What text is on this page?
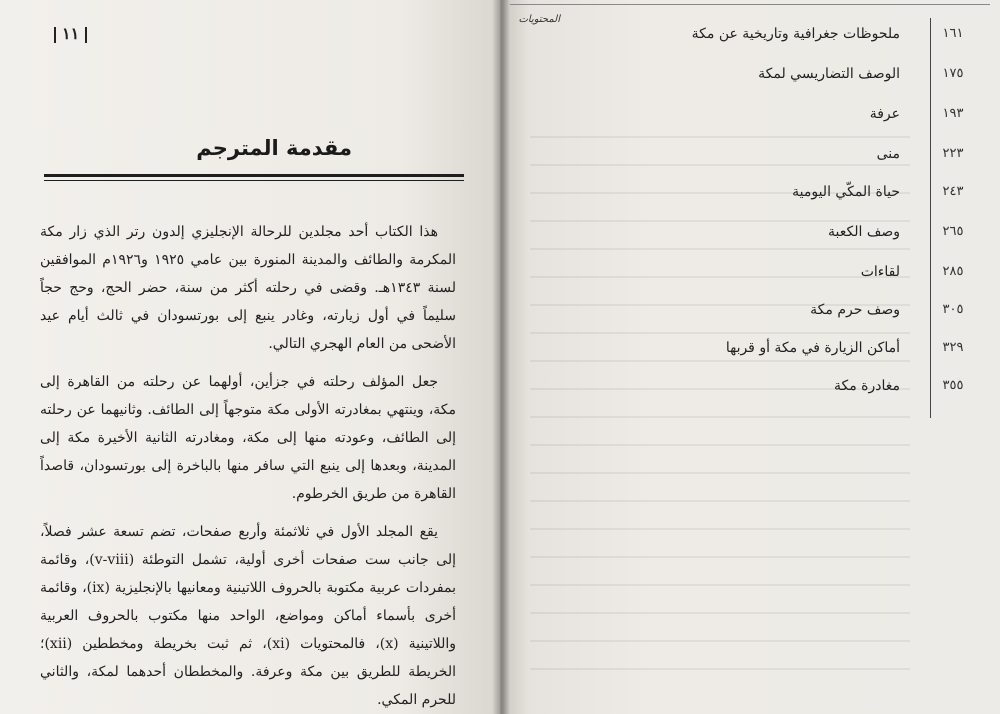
١١
مقدمة المترجم

هذا الكتاب أحد مجلدين للرحالة الإنجليزي إلدون رتر الذي زار مكة المكرمة والطائف والمدينة المنورة بين عامي ١٩٢٥ و١٩٢٦م الموافقين لسنة ١٣٤٣هـ. وقضى في رحلته أكثر من سنة، حضر الحج، وحج حجاً سليماً في أول زيارته، وغادر ينبع إلى بورتسودان في ثالث أيام عيد الأضحى من العام الهجري التالي.

جعل المؤلف رحلته في جزأين، أولهما عن رحلته من القاهرة إلى مكة، وينتهي بمغادرته الأولى مكة متوجهاً إلى الطائف. وثانيهما عن رحلته إلى الطائف، وعودته منها إلى مكة، ومغادرته الثانية الأخيرة مكة إلى المدينة، وبعدها إلى ينبع التي سافر منها بالباخرة إلى بورتسودان، قاصداً القاهرة من طريق الخرطوم.

يقع المجلد الأول في ثلاثمئة وأربع صفحات، تضم تسعة عشر فصلاً، إلى جانب ست صفحات أخرى أولية، تشمل التوطئة (v-viii)، وقائمة بمفردات عربية مكتوبة بالحروف اللاتينية ومعانيها بالإنجليزية (ix)، وقائمة أخرى بأسماء أماكن ومواضع، الواحد منها مكتوب بالحروف العربية واللاتينية (x)، فالمحتويات (xi)، ثم ثبت بخريطة ومخططين (xii)؛ الخريطة للطريق بين مكة وعرفة. والمخططان أحدهما لمكة، والثاني للحرم المكي.

المحتويات
ملحوظات جغرافية وتاريخية عن مكة	١٦١
الوصف التضاريسي لمكة	١٧٥
عرفة	١٩٣
منى	٢٢٣
حياة المكّي اليومية	٢٤٣
وصف الكعبة	٢٦٥
لقاءات	٢٨٥
وصف حرم مكة	٣٠٥
أماكن الزيارة في مكة أو قربها	٣٢٩
مغادرة مكة	٣٥٥
